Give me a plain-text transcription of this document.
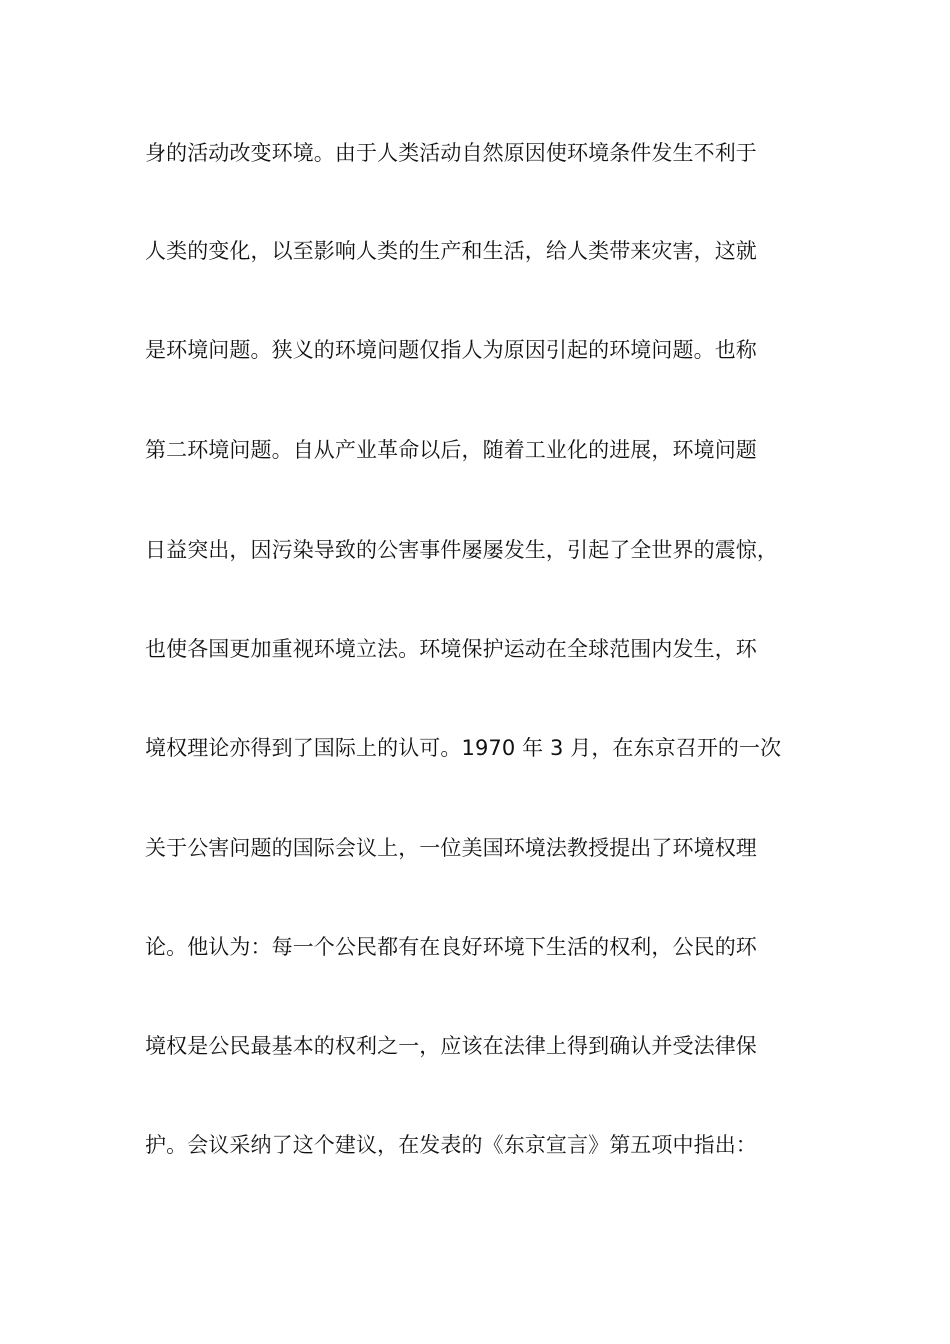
身的活动改变环境。由于人类活动自然原因使环境条件发生不利于
人类的变化，以至影响人类的生产和生活，给人类带来灾害，这就
是环境问题。狭义的环境问题仅指人为原因引起的环境问题。也称
第二环境问题。自从产业革命以后，随着工业化的进展，环境问题
日益突出，因污染导致的公害事件屡屡发生，引起了全世界的震惊，
也使各国更加重视环境立法。环境保护运动在全球范围内发生，环
境权理论亦得到了国际上的认可。1970 年 3 月，在东京召开的一次
关于公害问题的国际会议上，一位美国环境法教授提出了环境权理
论。他认为：每一个公民都有在良好环境下生活的权利，公民的环
境权是公民最基本的权利之一，应该在法律上得到确认并受法律保
护。会议采纳了这个建议，在发表的《东京宣言》第五项中指出：
